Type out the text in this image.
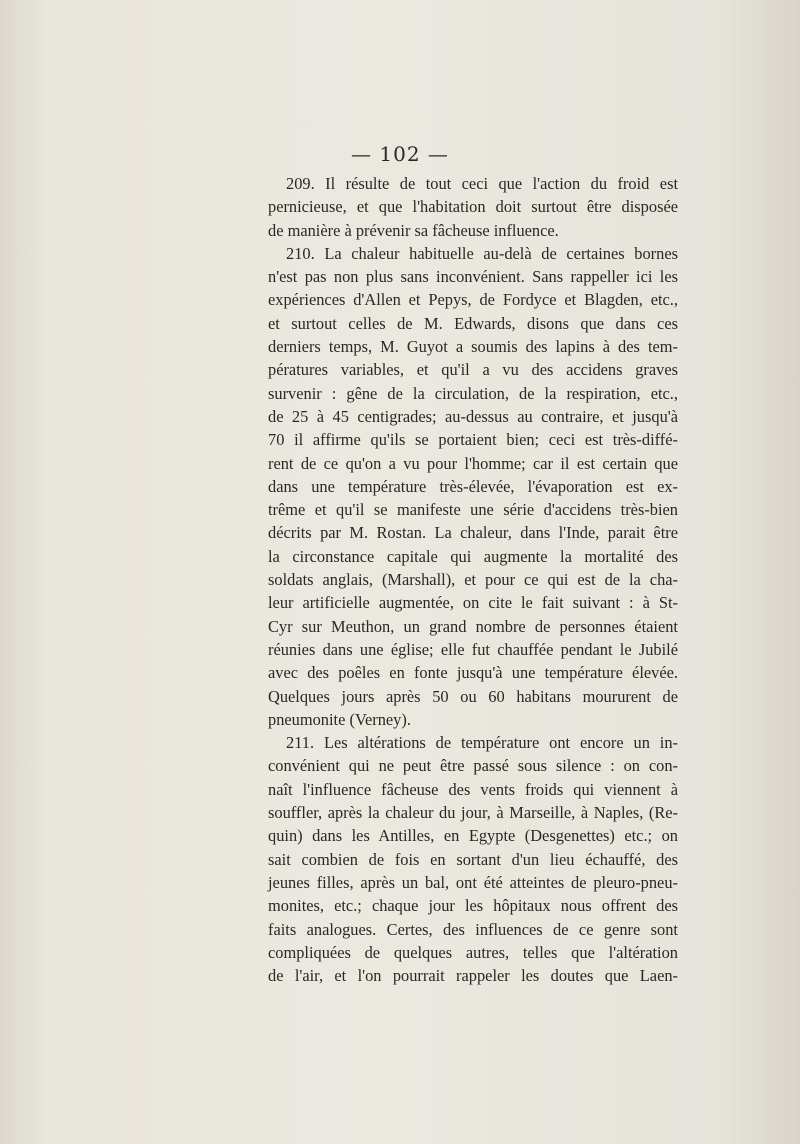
— 102 —
209. Il résulte de tout ceci que l'action du froid est
pernicieuse, et que l'habitation doit surtout être disposée
de manière à prévenir sa fâcheuse influence.
210. La chaleur habituelle au-delà de certaines bornes
n'est pas non plus sans inconvénient. Sans rappeller ici les
expériences d'Allen et Pepys, de Fordyce et Blagden, etc.,
et surtout celles de M. Edwards, disons que dans ces
derniers temps, M. Guyot a soumis des lapins à des tem-
pératures variables, et qu'il a vu des accidens graves
survenir : gêne de la circulation, de la respiration, etc.,
de 25 à 45 centigrades; au-dessus au contraire, et jusqu'à
70 il affirme qu'ils se portaient bien; ceci est très-diffé-
rent de ce qu'on a vu pour l'homme; car il est certain que
dans une température très-élevée, l'évaporation est ex-
trême et qu'il se manifeste une série d'accidens très-bien
décrits par M. Rostan. La chaleur, dans l'Inde, parait être
la circonstance capitale qui augmente la mortalité des
soldats anglais, (Marshall), et pour ce qui est de la cha-
leur artificielle augmentée, on cite le fait suivant : à St-
Cyr sur Meuthon, un grand nombre de personnes étaient
réunies dans une église; elle fut chauffée pendant le Jubilé
avec des poêles en fonte jusqu'à une température élevée.
Quelques jours après 50 ou 60 habitans moururent de
pneumonite (Verney).
211. Les altérations de température ont encore un in-
convénient qui ne peut être passé sous silence : on con-
naît l'influence fâcheuse des vents froids qui viennent à
souffler, après la chaleur du jour, à Marseille, à Naples, (Re-
quin) dans les Antilles, en Egypte (Desgenettes) etc.; on
sait combien de fois en sortant d'un lieu échauffé, des
jeunes filles, après un bal, ont été atteintes de pleuro-pneu-
monites, etc.; chaque jour les hôpitaux nous offrent des
faits analogues. Certes, des influences de ce genre sont
compliquées de quelques autres, telles que l'altération
de l'air, et l'on pourrait rappeler les doutes que Laen-
